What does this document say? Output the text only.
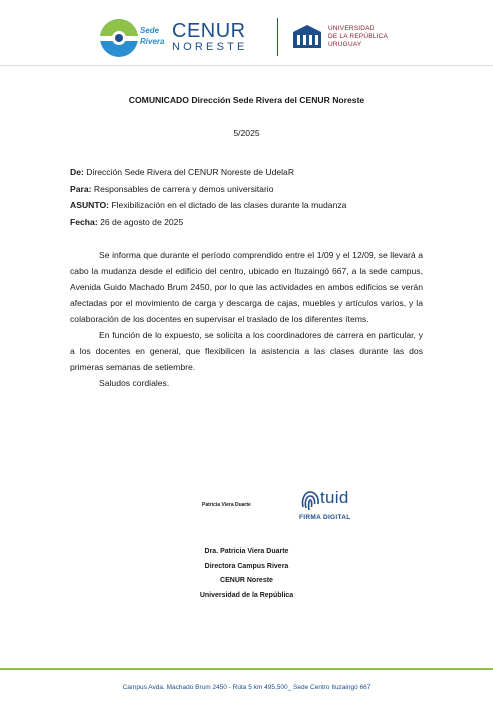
Sede
Rivera CENUR
NORESTE
UNIVERSIDAD
DE LA REPÚBLICA
URUGUAY
COMUNICADO Dirección Sede Rivera del CENUR Noreste
5/2025
De: Dirección Sede Rivera del CENUR Noreste de UdelaR
Para: Responsables de carrera y demos universitario
ASUNTO: Flexibilización en el dictado de las clases durante la mudanza
Fecha: 26 de agosto de 2025

Se informa que durante el período comprendido entre el 1/09 y el 12/09, se llevará a cabo la mudanza desde el edificio del centro, ubicado en Ituzaingó 667, a la sede campus, Avenida Guido Machado Brum 2450, por lo que las actividades en ambos edificios se verán afectadas por el movimiento de carga y descarga de cajas, muebles y artículos varios, y la colaboración de los docentes en supervisar el traslado de los diferentes ítems.

En función de lo expuesto, se solicita a los coordinadores de carrera en particular, y a los docentes en general, que flexibilicen la asistencia a las clases durante las dos primeras semanas de setiembre.

Saludos cordiales.

Patricia Viera Duarte	tuid
FIRMA DIGITAL
Dra. Patricia Viera Duarte
Directora Campus Rivera
CENUR Noreste
Universidad de la República
Campus Avda. Machado Brum 2450 - Ruta 5 km 495,500_ Sede Centro Ituzaingó 667
